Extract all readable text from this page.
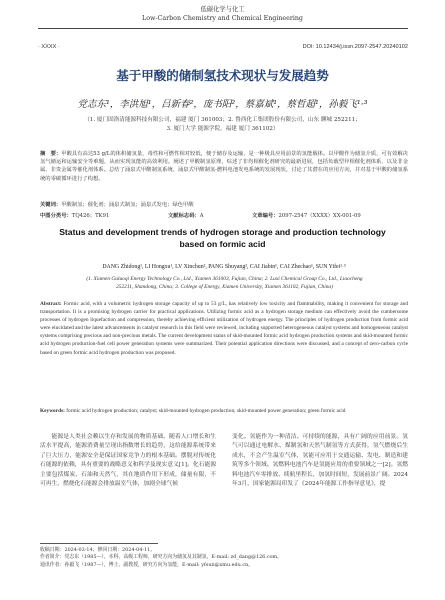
低碳化学与化工
Low-Carbon Chemistry and Chemical Engineering
· XXXX ·	DOI: 10.12434/j.issn.2097-2547.20240102
基于甲酸的储制氢技术现状与发展趋势
党志东¹，李洪旭¹，吕新春²，庞书阳²，蔡嘉斌¹，蔡哲超¹，孙毅飞¹·³
（1. 厦门固洛清能源科技有限公司，福建 厦门 361003；2. 鲁西化工集团股份有限公司，山东 聊城 252211；
3. 厦门大学 能源学院，福建 厦门 361102）
摘　要：甲酸具有高达53 g/L的体积储氢量，毒性和可燃性相对较低，便于储存及运输，是一种极具应用前景的氢能载体。以甲酸作为储氢介质，可有效解决氢气储运和运输安全等难题，从而实现氢能的高效利用。阐述了甲酸制氢原理，综述了非均相催化剂研究的最新进展，包括负载型异相催化剂体系、以及非金属、非贵金属等催化剂体系。总结了涌泉式甲酸制氢系统、涌泉式甲酸制氢-燃料电池发电系统的发展现状，讨论了其潜在的应用方向，并对基于甲酸的储氢系统的零碳循环进行了构想。
关键词：甲酸制氢；催化剂；涌泉式制氢；涌泉式发电；绿色甲酸
中图分类号：TQ426；TK91	文献标志码：A	文章编号：2097-2547（XXXX）XX-001-09
Status and development trends of hydrogen storage and production technology based on formic acid
DANG Zhidong¹, LI Hongxu¹, LV Xinchun², PANG Shuyang², CAI Jiabin¹, CAI Zhechao¹, SUN Yifei¹·³
(1. Xiamen Guluoqi Energy Technology Co., Ltd., Xiamen 361003, Fujian, China; 2. Luxi Chemical Group Co., Ltd., Liaocheng
252211, Shandong, China; 3. College of Energy, Xiamen University, Xiamen 361102, Fujian, China)
Abstract: Formic acid, with a volumetric hydrogen storage capacity of up to 53 g/L, has relatively low toxicity and flammability, making it convenient for storage and transportation. It is a promising hydrogen carrier for practical applications. Utilizing formic acid as a hydrogen storage medium can effectively avoid the cumbersome processes of hydrogen liquefaction and compression, thereby achieving efficient utilization of hydrogen energy. The principles of hydrogen production from formic acid were elucidated and the latest advancements in catalyst research in this field were reviewed, including supported heterogeneous catalyst systems and homogeneous catalyst systems comprising precious and non-precious metals. The current development status of skid-mounted formic acid hydrogen production systems and skid-mounted formic acid hydrogen production-fuel cell power generation systems were summarized. Their potential application directions were discussed, and a concept of zero-carbon cycle based on green formic acid hydrogen production was proposed.
Keywords: formic acid hydrogen production; catalyst; skid-mounted hydrogen production; skid-mounted power generation; green formic acid
能源是人类社会赖以生存和发展的物质基础。随着人口增长和生活水平提高，能源消费量呈现出指数增长的趋势，这给能源系统带来了巨大压力，能源安全是保证国家竞争力的根本基础。摆脱对传统化石能源的依赖，具有重要的战略意义和科学及现实意义[1]。化石能源主要包括煤炭、石油和天然气，其在地质作用下形成，储量有限，不可再生，燃烧化石能源会排放温室气体，加剧全球气候
变化。氢能作为一种清洁、可持续的能源，具有广阔的应用前景。氢气可以通过电解水、煤制氢和天然气制氢等方式获得，氢气燃烧后生成水，不会产生温室气体，氢能可应用于交通运输、发电、制造和建筑等多个领域。氢燃料电池汽车是氢能应用的重要领域之一[2]。氢燃料电池汽车零排放、续航里程长、加氢时间短，发展前景广阔。2024年3月，国家能源局印发了《2024年能源工作指导意见》，提
收稿日期：2024-03-14；修回日期：2024-04-11。
作者简介：党志东（1985—），本科，高级工程师，研究方向为储氢及其制氢，E-mail: zd_dang@126.com。
通讯作者：孙毅飞（1987—），博士，副教授，研究方向为氢能，E-mail: yfsun@xmu.edu.cn。
